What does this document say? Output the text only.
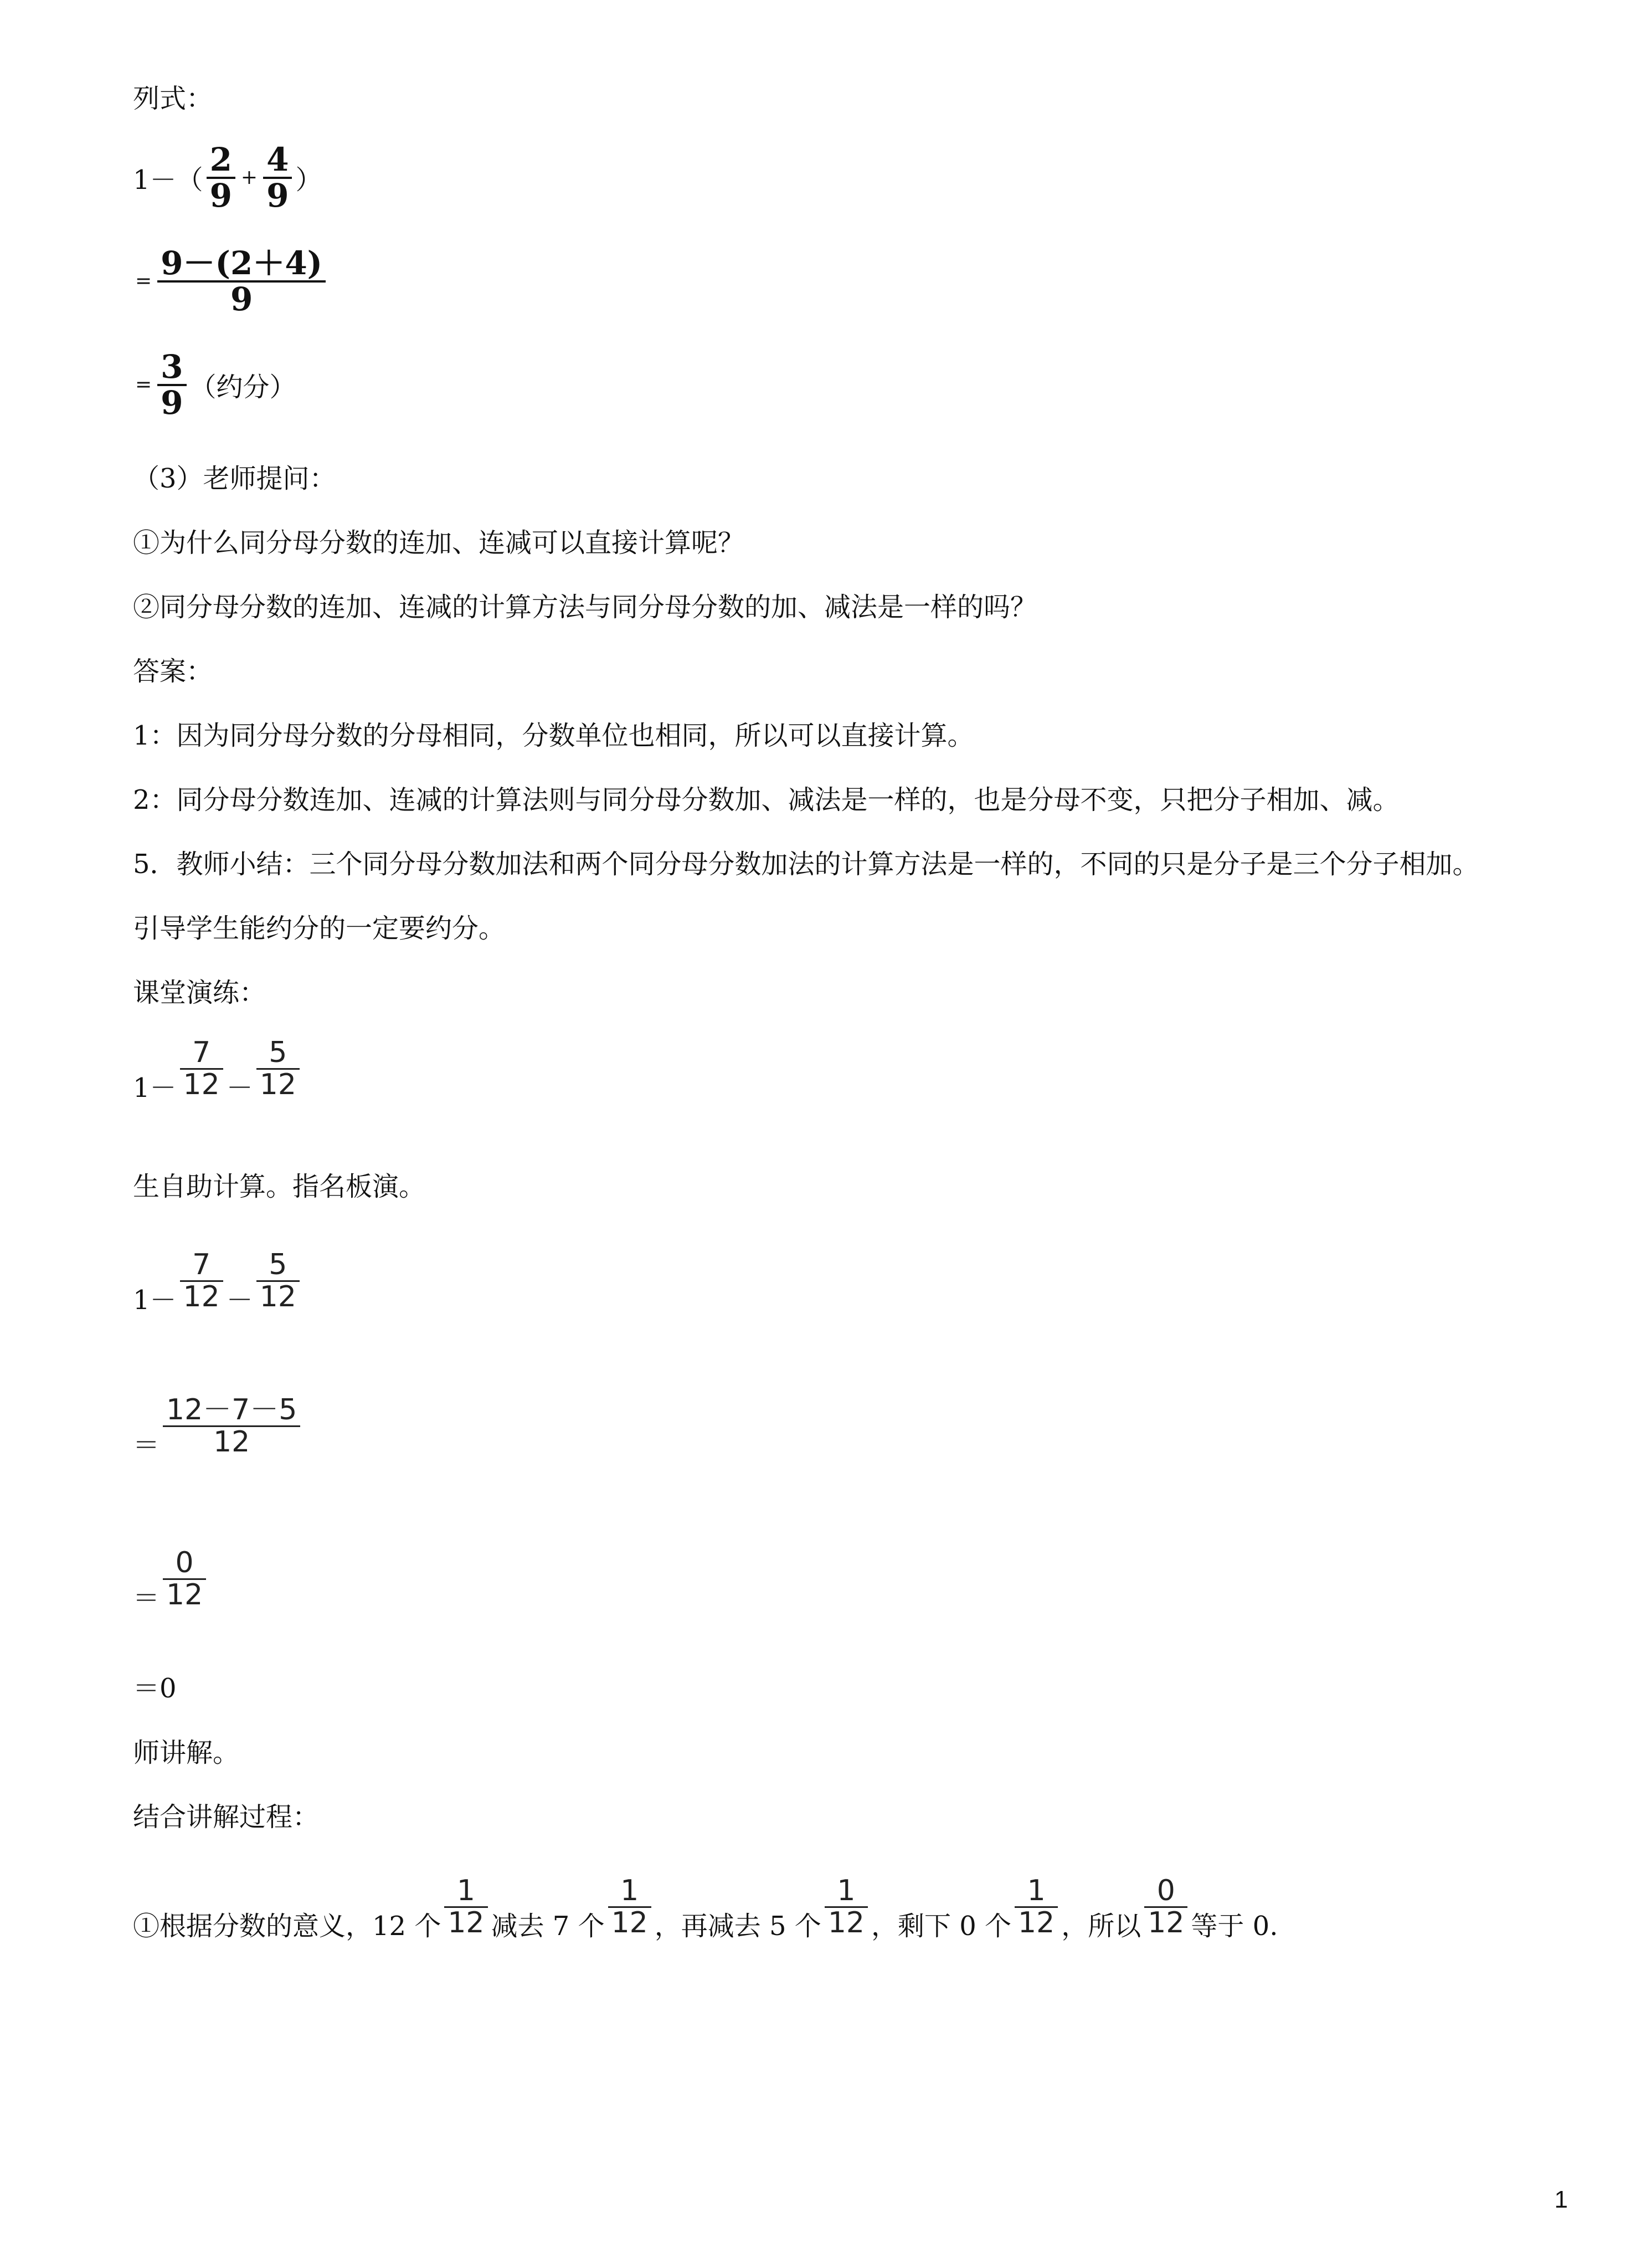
列式：
1－ （ $\frac{2}{9} + \frac{4}{9}$ ）
= $\frac{9-(2+4)}{9}$
= $\frac{3}{9}$ （约分）
（3）老师提问：
①为什么同分母分数的连加、连减可以直接计算呢？
②同分母分数的连加、连减的计算方法与同分母分数的加、减法是一样的吗？
答案：
1：因为同分母分数的分母相同，分数单位也相同，所以可以直接计算。
2：同分母分数连加、连减的计算法则与同分母分数加、减法是一样的，也是分母不变，只把分子相加、减。
5．教师小结：三个同分母分数加法和两个同分母分数加法的计算方法是一样的，不同的只是分子是三个分子相加。
引导学生能约分的一定要约分。
课堂演练：
$1- \frac{7}{12} - \frac{5}{12}$
生自助计算。指名板演。
$1- \frac{7}{12} - \frac{5}{12}$
＝ $\frac{12-7-5}{12}$
＝ $\frac{0}{12}$
＝0
师讲解。
结合讲解过程：
①根据分数的意义，12 个 $\frac{1}{12}$ 减去 7 个 $\frac{1}{12}$ ，再减去 5 个 $\frac{1}{12}$ ，剩下 0 个 $\frac{1}{12}$ ，所以 $\frac{0}{12}$ 等于 0.
1
